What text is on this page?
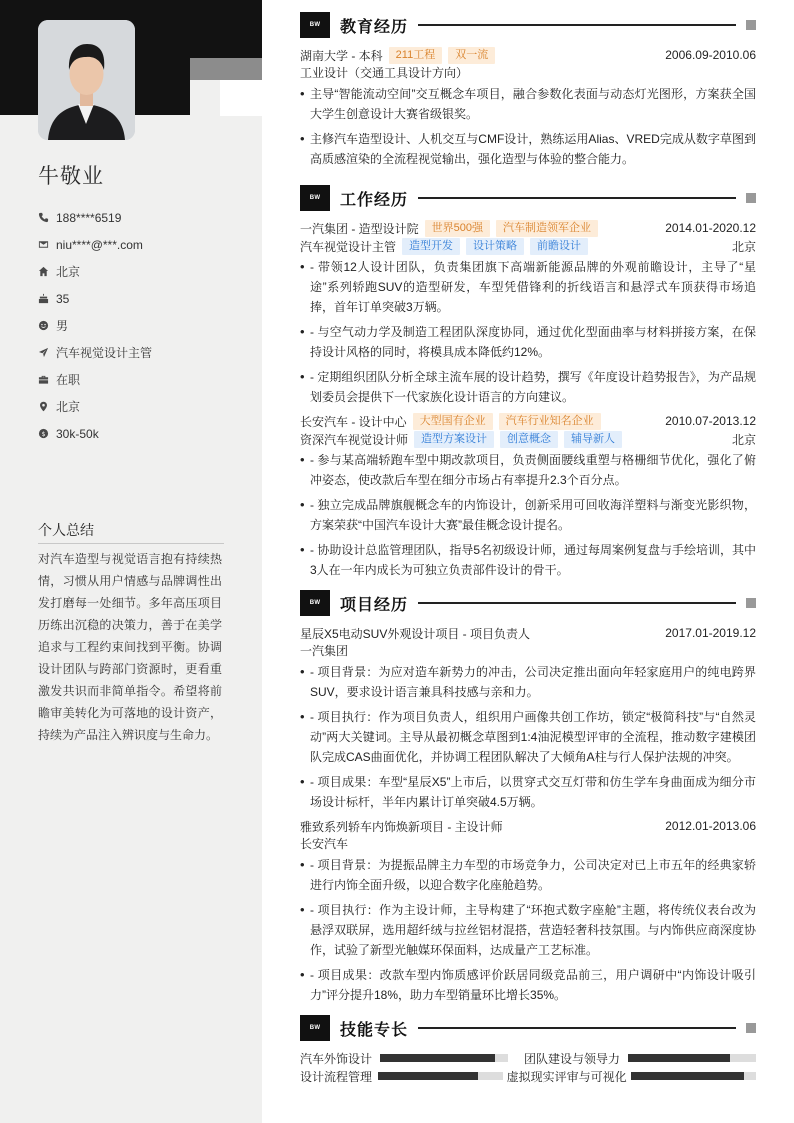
牛敬业
188****6519
niu****@***.com
北京
35
男
汽车视觉设计主管
在职
北京
$ 30k-50k
个人总结
对汽车造型与视觉语言抱有持续热情，习惯从用户情感与品牌调性出发打磨每一处细节。多年高压项目历练出沉稳的决策力，善于在美学追求与工程约束间找到平衡。协调设计团队与跨部门资源时，更看重激发共识而非简单指令。希望将前瞻审美转化为可落地的设计资产，持续为产品注入辨识度与生命力。
BW	教育经历
湖南大学 - 本科	211工程	双一流	2006.09-2010.06
工业设计（交通工具设计方向）
• 主导“智能流动空间”交互概念车项目，融合参数化表面与动态灯光图形，方案获全国大学生创意设计大赛省级银奖。
• 主修汽车造型设计、人机交互与CMF设计，熟练运用Alias、VRED完成从数字草图到高质感渲染的全流程视觉输出，强化造型与体验的整合能力。
BW	工作经历
一汽集团 - 造型设计院	世界500强	汽车制造领军企业	2014.01-2020.12
汽车视觉设计主管	造型开发	设计策略	前瞻设计	北京
• - 带领12人设计团队，负责集团旗下高端新能源品牌的外观前瞻设计，主导了“星途”系列轿跑SUV的造型研发，车型凭借锋利的折线语言和悬浮式车顶获得市场追捧，首年订单突破3万辆。
• - 与空气动力学及制造工程团队深度协同，通过优化型面曲率与材料拼接方案，在保持设计风格的同时，将模具成本降低约12%。
• - 定期组织团队分析全球主流车展的设计趋势，撰写《年度设计趋势报告》，为产品规划委员会提供下一代家族化设计语言的方向建议。
长安汽车 - 设计中心	大型国有企业	汽车行业知名企业	2010.07-2013.12
资深汽车视觉设计师	造型方案设计	创意概念	辅导新人	北京
• - 参与某高端轿跑车型中期改款项目，负责侧面腰线重塑与格栅细节优化，强化了俯冲姿态，使改款后车型在细分市场占有率提升2.3个百分点。
• - 独立完成品牌旗舰概念车的内饰设计，创新采用可回收海洋塑料与渐变光影织物，方案荣获“中国汽车设计大赛”最佳概念设计提名。
• - 协助设计总监管理团队，指导5名初级设计师，通过每周案例复盘与手绘培训，其中3人在一年内成长为可独立负责部件设计的骨干。
BW	项目经历
星辰X5电动SUV外观设计项目 - 项目负责人	2017.01-2019.12
一汽集团
• - 项目背景：为应对造车新势力的冲击，公司决定推出面向年轻家庭用户的纯电跨界SUV，要求设计语言兼具科技感与亲和力。
• - 项目执行：作为项目负责人，组织用户画像共创工作坊，锁定“极简科技”与“自然灵动”两大关键词。主导从最初概念草图到1:4油泥模型评审的全流程，推动数字建模团队完成CAS曲面优化，并协调工程团队解决了大倾角A柱与行人保护法规的冲突。
• - 项目成果：车型“星辰X5”上市后，以贯穿式交互灯带和仿生学车身曲面成为细分市场设计标杆，半年内累计订单突破4.5万辆。
雅致系列轿车内饰焕新项目 - 主设计师	2012.01-2013.06
长安汽车
• - 项目背景：为提振品牌主力车型的市场竞争力，公司决定对已上市五年的经典家轿进行内饰全面升级，以迎合数字化座舱趋势。
• - 项目执行：作为主设计师，主导构建了“环抱式数字座舱”主题，将传统仪表台改为悬浮双联屏，选用超纤绒与拉丝铝材混搭，营造轻奢科技氛围。与内饰供应商深度协作，试验了新型光触媒环保面料，达成量产工艺标准。
• - 项目成果：改款车型内饰质感评价跃居同级竞品前三，用户调研中“内饰设计吸引力”评分提升18%，助力车型销量环比增长35%。
BW	技能专长
汽车外饰设计	团队建设与领导力
设计流程管理	虚拟现实评审与可视化
